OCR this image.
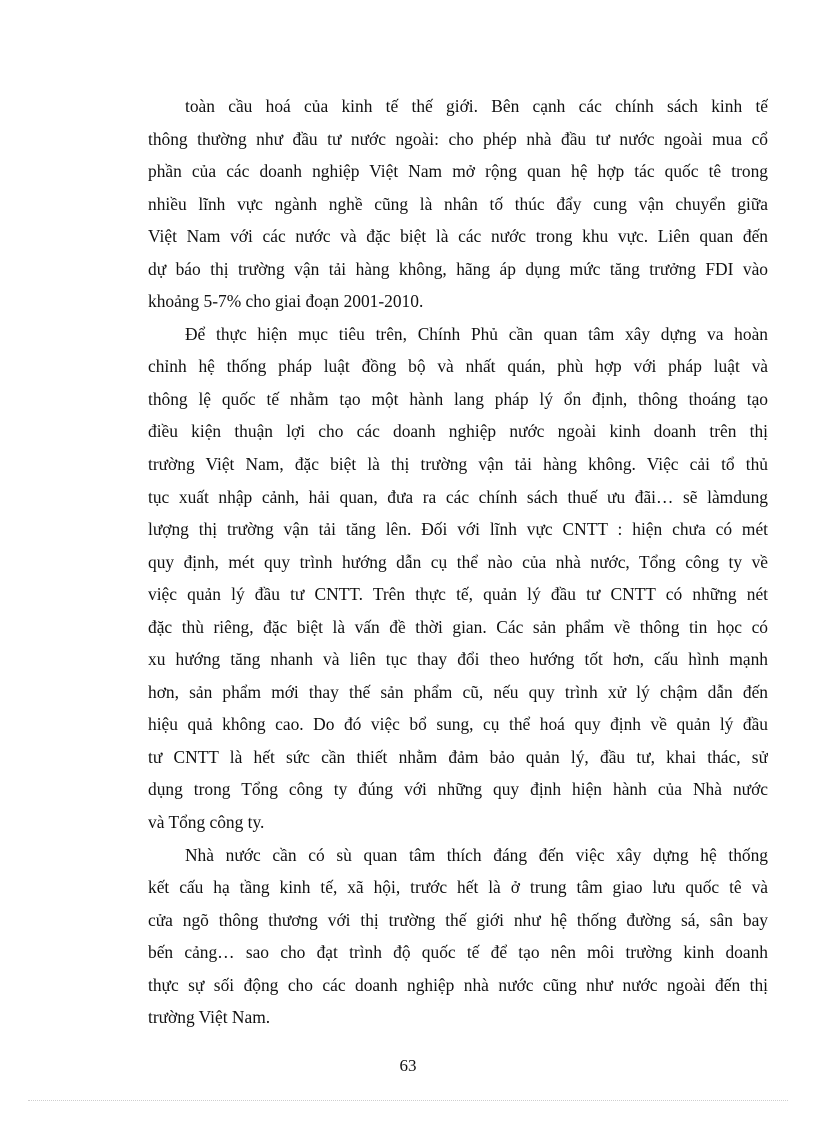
toàn cầu hoá của kinh tế thế giới. Bên cạnh các chính sách kinh tế
thông thường như đầu tư nước ngoài: cho phép nhà đầu tư nước ngoài mua cổ
phần của các doanh nghiệp Việt Nam mở rộng quan hệ hợp tác quốc tê trong
nhiều lĩnh vực ngành nghề cũng là nhân tố thúc đẩy cung vận chuyển giữa
Việt Nam với các nước và đặc biệt là các nước trong khu vực. Liên quan đến
dự báo thị trường vận tải hàng không, hãng áp dụng mức tăng trưởng FDI vào
khoảng 5-7% cho giai đoạn 2001-2010.
Để thực hiện mục tiêu trên, Chính Phủ cần quan tâm xây dựng va hoàn
chỉnh hệ thống pháp luật đồng bộ và nhất quán, phù hợp với pháp luật và
thông lệ quốc tế nhằm tạo một hành lang pháp lý ổn định, thông thoáng tạo
điều kiện thuận lợi cho các doanh nghiệp nước ngoài kinh doanh trên thị
trường Việt Nam, đặc biệt là thị trường vận tải hàng không. Việc cải tổ thủ
tục xuất nhập cảnh, hải quan, đưa ra các chính sách thuế ưu đãi… sẽ làmdung
lượng thị trường vận tải tăng lên. Đối với lĩnh vực CNTT : hiện chưa có mét
quy định, mét quy trình hướng dẫn cụ thể nào của nhà nước, Tổng công ty về
việc quản lý đầu tư CNTT. Trên thực tế, quản lý đầu tư CNTT có những nét
đặc thù riêng, đặc biệt là vấn đề thời gian. Các sản phẩm về thông tin học có
xu hướng tăng nhanh và liên tục thay đổi theo hướng tốt hơn, cấu hình mạnh
hơn, sản phẩm mới thay thế sản phẩm cũ, nếu quy trình xử lý chậm dẫn đến
hiệu quả không cao. Do đó việc bổ sung, cụ thể hoá quy định về quản lý đầu
tư CNTT là hết sức cần thiết nhằm đảm bảo quản lý, đầu tư, khai thác, sử
dụng trong Tổng công ty đúng với những quy định hiện hành của Nhà nước
và Tổng công ty.
Nhà nước cần có sù quan tâm thích đáng đến việc xây dựng hệ thống
kết cấu hạ tầng kinh tế, xã hội, trước hết là ở trung tâm giao lưu quốc tê và
cửa ngõ thông thương với thị trường thế giới như hệ thống đường sá, sân bay
bến cảng… sao cho đạt trình độ quốc tế để tạo nên môi trường kinh doanh
thực sự sối động cho các doanh nghiệp nhà nước cũng như nước ngoài đến thị
trường Việt Nam.
63
